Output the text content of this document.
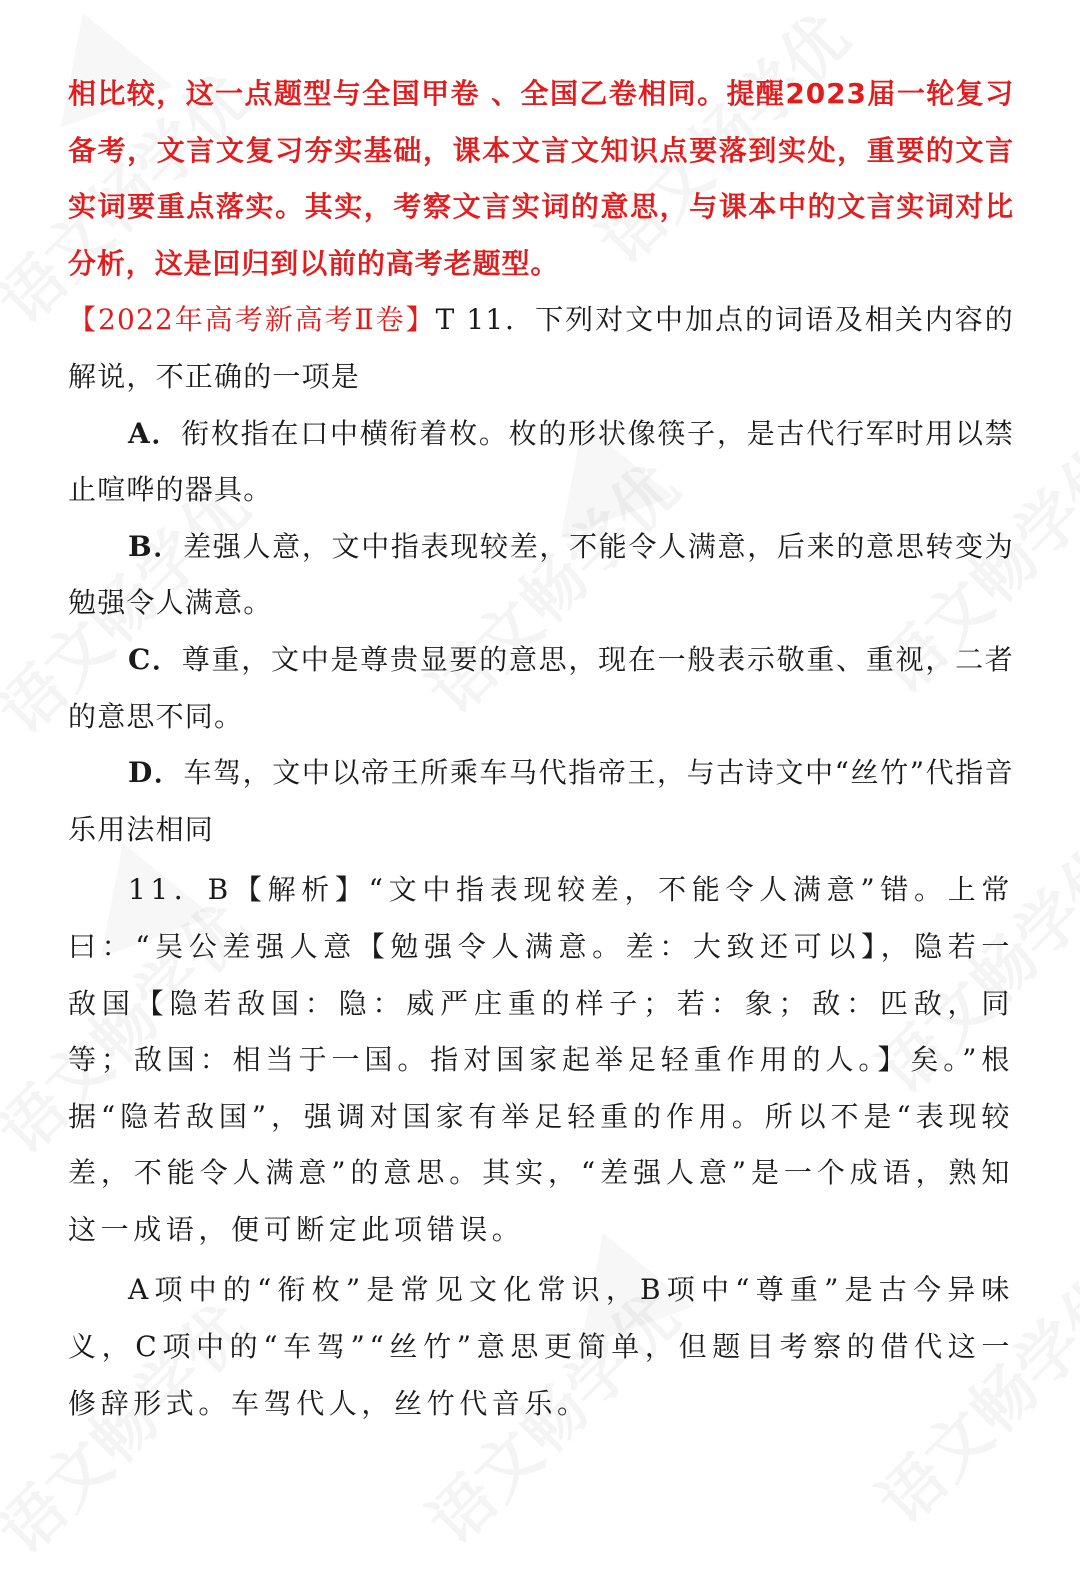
相比较，这一点题型与全国甲卷 、全国乙卷相同。提醒2023届一轮复习备考，文言文复习夯实基础，课本文言文知识点要落到实处，重要的文言实词要重点落实。其实，考察文言实词的意思，与课本中的文言实词对比分析，这是回归到以前的高考老题型。

【2022年高考新高考Ⅱ卷】T 11．下列对文中加点的词语及相关内容的解说，不正确的一项是

A．衔枚指在口中横衔着枚。枚的形状像筷子，是古代行军时用以禁止喧哗的器具。

B．差强人意，文中指表现较差，不能令人满意，后来的意思转变为勉强令人满意。

C．尊重，文中是尊贵显要的意思，现在一般表示敬重、重视，二者的意思不同。

D．车驾，文中以帝王所乘车马代指帝王，与古诗文中“丝竹”代指音乐用法相同

11．B【解析】“文中指表现较差，不能令人满意”错。上常曰：“吴公差强人意【勉强令人满意。差：大致还可以】，隐若一敌国【隐若敌国：隐：威严庄重的样子；若：象；敌：匹敌，同等；敌国：相当于一国。指对国家起举足轻重作用的人。】矣。”根据“隐若敌国”，强调对国家有举足轻重的作用。所以不是“表现较差，不能令人满意”的意思。其实，“差强人意”是一个成语，熟知这一成语，便可断定此项错误。

A项中的“衔枚”是常见文化常识，B项中“尊重”是古今异味义，C项中的“车驾”“丝竹”意思更简单，但题目考察的借代这一修辞形式。车驾代人，丝竹代音乐。
